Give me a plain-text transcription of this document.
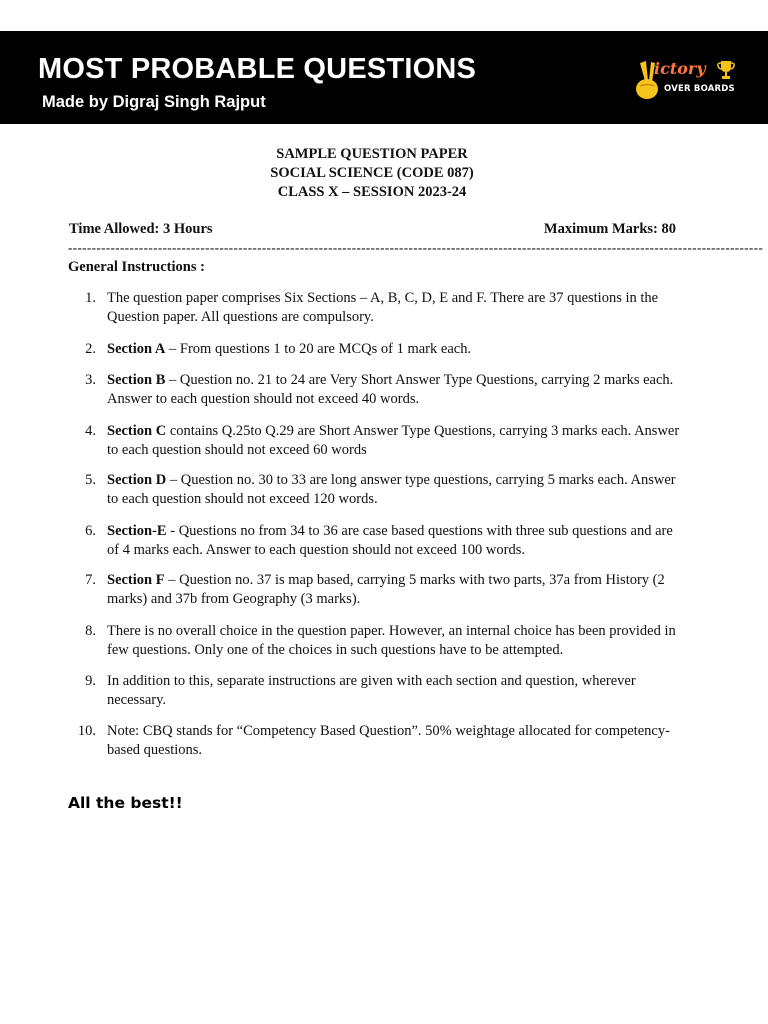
MOST PROBABLE QUESTIONS
Made by Digraj Singh Rajput
ictory
OVER BOARDS
SAMPLE QUESTION PAPER
SOCIAL SCIENCE (CODE 087)
CLASS X – SESSION 2023-24
Time Allowed: 3 Hours	Maximum Marks: 80
---------------------------------------------------------------------------------------------------------------------------------------------------
General Instructions :
1. The question paper comprises Six Sections – A, B, C, D, E and F. There are 37 questions in the Question paper. All questions are compulsory.
2. Section A – From questions 1 to 20 are MCQs of 1 mark each.
3. Section B – Question no. 21 to 24 are Very Short Answer Type Questions, carrying 2 marks each. Answer to each question should not exceed 40 words.
4. Section C contains Q.25to Q.29 are Short Answer Type Questions, carrying 3 marks each. Answer to each question should not exceed 60 words
5. Section D – Question no. 30 to 33 are long answer type questions, carrying 5 marks each. Answer to each question should not exceed 120 words.
6. Section-E - Questions no from 34 to 36 are case based questions with three sub questions and are of 4 marks each. Answer to each question should not exceed 100 words.
7. Section F – Question no. 37 is map based, carrying 5 marks with two parts, 37a from History (2 marks) and 37b from Geography (3 marks).
8. There is no overall choice in the question paper. However, an internal choice has been provided in few questions. Only one of the choices in such questions have to be attempted.
9. In addition to this, separate instructions are given with each section and question, wherever necessary.
10. Note: CBQ stands for “Competency Based Question”. 50% weightage allocated for competency-based questions.
All the best!!
